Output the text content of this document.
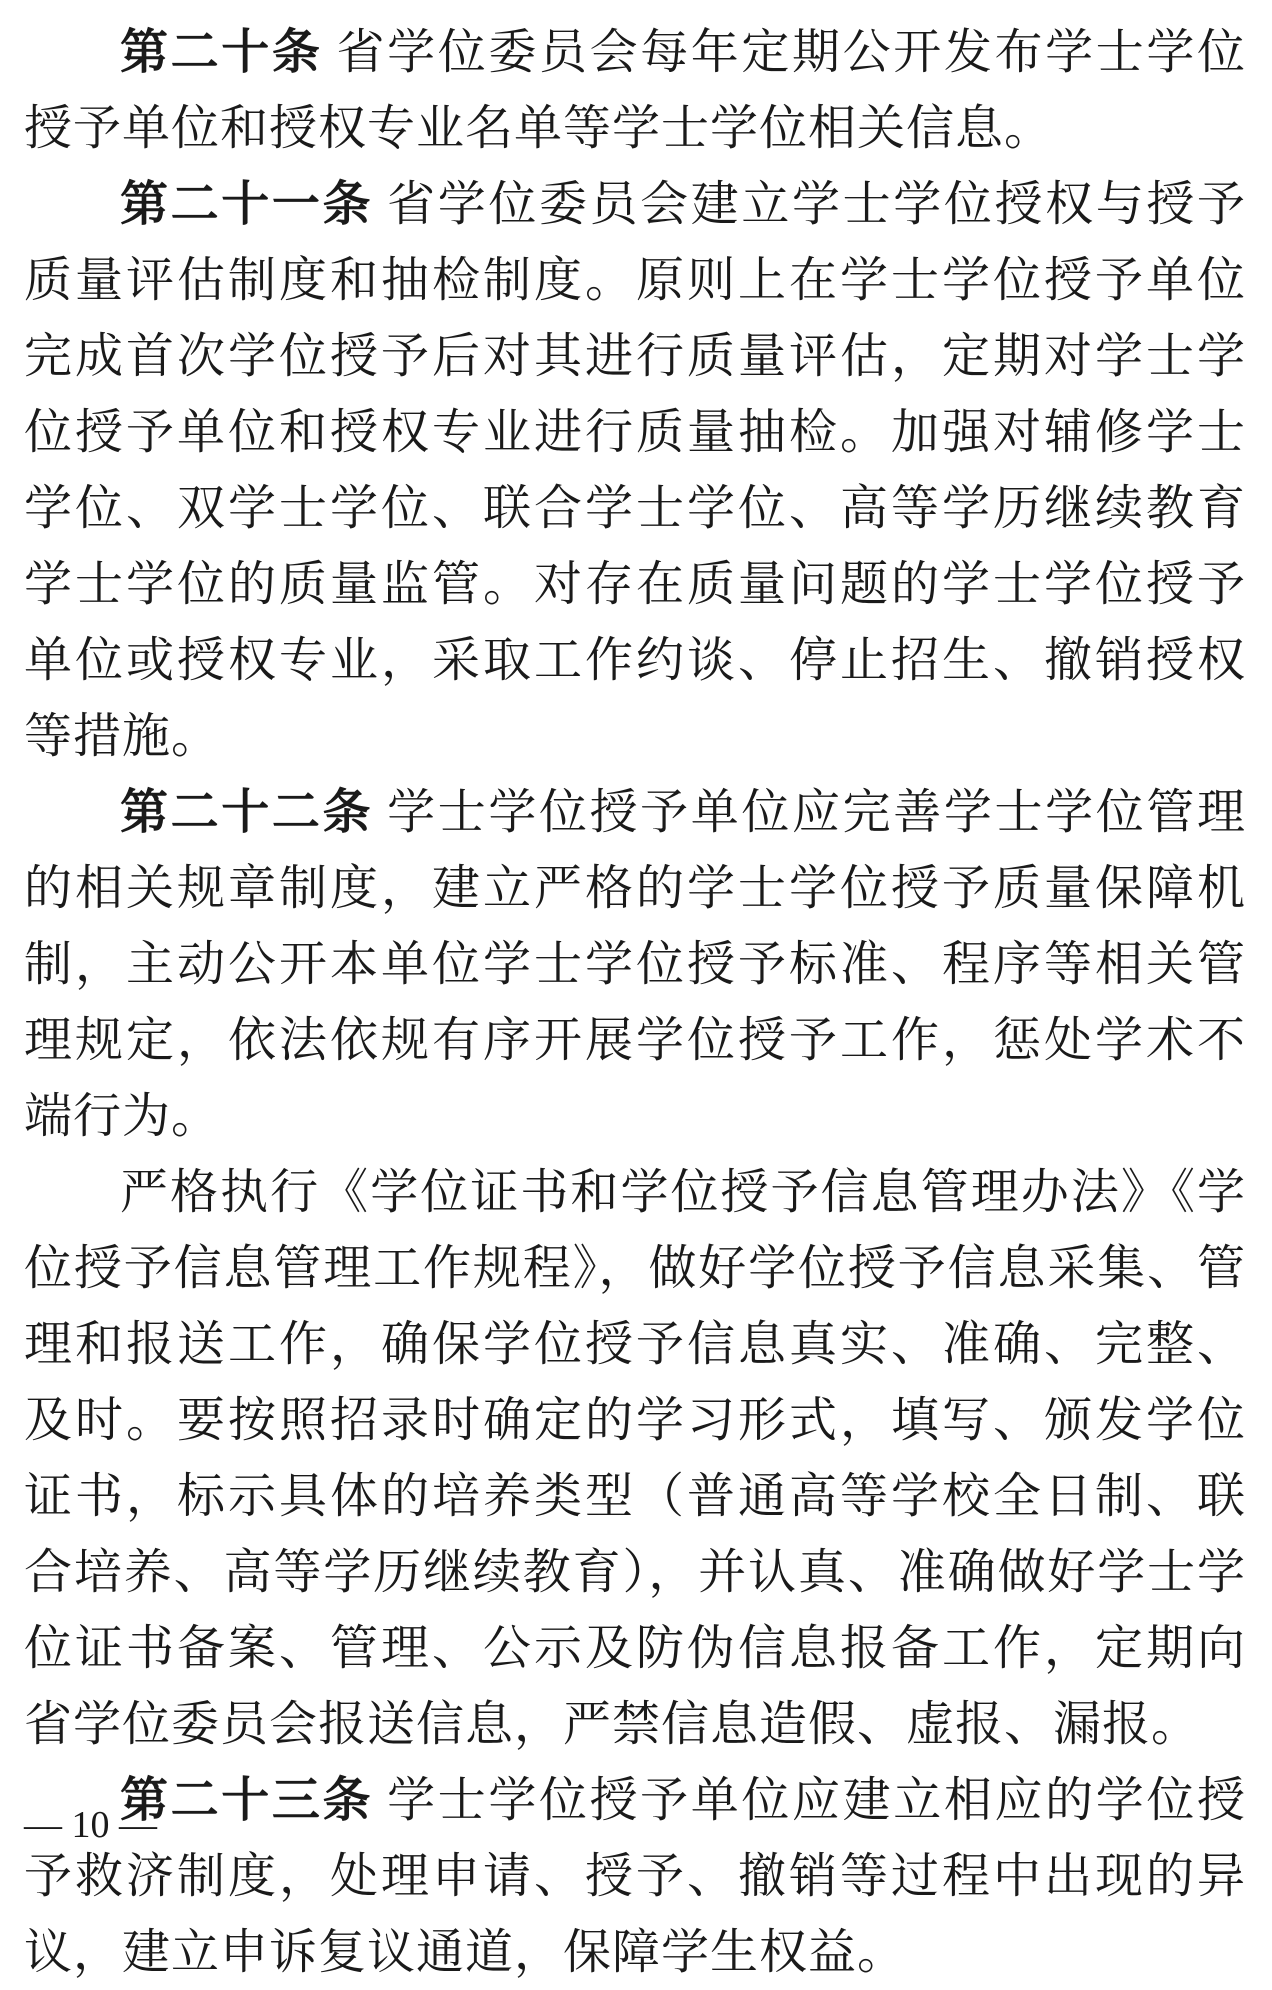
第二十条 省学位委员会每年定期公开发布学士学位授予单位和授权专业名单等学士学位相关信息。

第二十一条 省学位委员会建立学士学位授权与授予质量评估制度和抽检制度。原则上在学士学位授予单位完成首次学位授予后对其进行质量评估，定期对学士学位授予单位和授权专业进行质量抽检。加强对辅修学士学位、双学士学位、联合学士学位、高等学历继续教育学士学位的质量监管。对存在质量问题的学士学位授予单位或授权专业，采取工作约谈、停止招生、撤销授权等措施。

第二十二条 学士学位授予单位应完善学士学位管理的相关规章制度，建立严格的学士学位授予质量保障机制，主动公开本单位学士学位授予标准、程序等相关管理规定，依法依规有序开展学位授予工作，惩处学术不端行为。

严格执行《学位证书和学位授予信息管理办法》《学位授予信息管理工作规程》，做好学位授予信息采集、管理和报送工作，确保学位授予信息真实、准确、完整、及时。要按照招录时确定的学习形式，填写、颁发学位证书，标示具体的培养类型（普通高等学校全日制、联合培养、高等学历继续教育），并认真、准确做好学士学位证书备案、管理、公示及防伪信息报备工作，定期向省学位委员会报送信息，严禁信息造假、虚报、漏报。

第二十三条 学士学位授予单位应建立相应的学位授予救济制度，处理申请、授予、撤销等过程中出现的异议，建立申诉复议通道，保障学生权益。

— 10 —
